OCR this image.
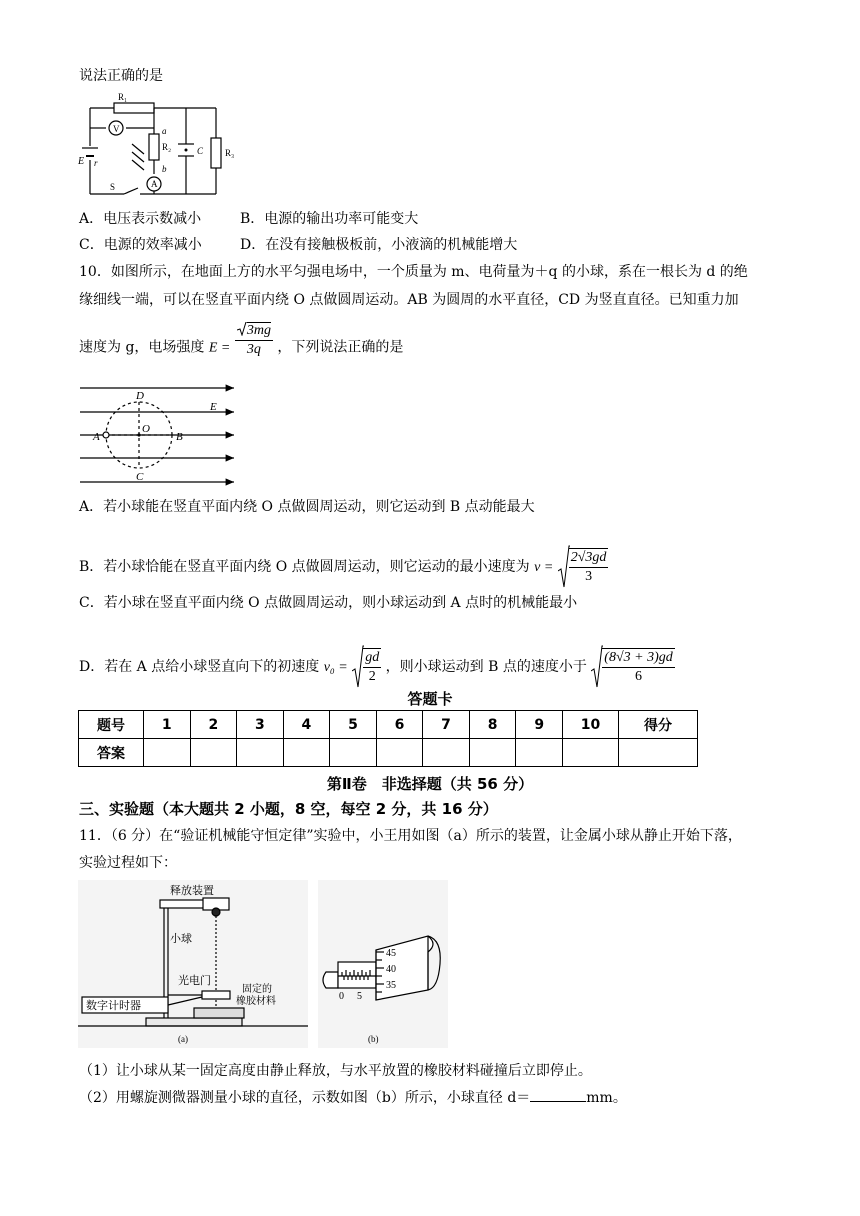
说法正确的是
R₁
V	a
R₂
b
A
C R₃
E r
S
A．电压表示数减小	B．电源的输出功率可能变大
C．电源的效率减小	D．在没有接触极板前，小液滴的机械能增大
10．如图所示，在地面上方的水平匀强电场中，一个质量为 m、电荷量为＋q 的小球，系在一根长为 d 的绝
缘细线一端，可以在竖直平面内绕 O 点做圆周运动。AB 为圆周的水平直径，CD 为竖直直径。已知重力加
速度为 g，电场强度 $E = \frac{3mg}{3q}$ ，下列说法正确的是
D
E
A
O
B
C
A．若小球能在竖直平面内绕 O 点做圆周运动，则它运动到 B 点动能最大
B．若小球恰能在竖直平面内绕 O 点做圆周运动，则它运动的最小速度为 $v = \frac{2√3gd}{3}$
C．若小球在竖直平面内绕 O 点做圆周运动，则小球运动到 A 点时的机械能最小
D．若在 A 点给小球竖直向下的初速度 $v_0 = \frac{gd}{2}$ ，则小球运动到 B 点的速度小于 $\frac{(8√3 + 3)gd}{6}$
答题卡
题号	1	2	3	4	5	6	7	8	9	10	得分
答案											
第Ⅱ卷　非选择题（共 56 分）
三、实验题（本大题共 2 小题，8 空，每空 2 分，共 16 分）
11．（6 分）在“验证机械能守恒定律”实验中，小王用如图（a）所示的装置，让金属小球从静止开始下落，
实验过程如下：
释放装置
小球
光电门
数字计时器
固定的
橡胶材料
(a)
45
40
35
0 5
(b)
（1）让小球从某一固定高度由静止释放，与水平放置的橡胶材料碰撞后立即停止。
（2）用螺旋测微器测量小球的直径，示数如图（b）所示，小球直径 d＝	mm。
